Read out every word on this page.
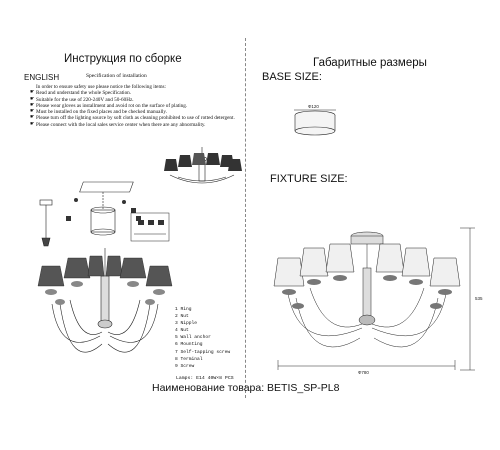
Инструкция по сборке
ENGLISH	Specification of installation
In order to ensure safety use please notice the following items:
☛ Read and understand the whole Specification.
☛ Suitable for the use of 220-240V and 50-60Hz.
☛ Please wear gloves as installment and avoid rot on the surface of plating.
☛ Must be installed on the fixed places and be checked manually.
☛ Please turn off the lighting source by soft cloth as cleaning prohibited to use of rotted detergent.
☛ Please connect with the local sales service center when there are any abnormality.
1 Ring
2 Nut
3 Nipple
4 Nut
5 Wall anchor
6 Mounting
7 Self-tapping screw
8 Terminal
9 Screw
Lamps: E14 40W×8 PCS
Габаритные размеры
BASE SIZE:
Ф120
FIXTURE SIZE:
535
Ф780
Наименование товара: BETIS_SP-PL8
